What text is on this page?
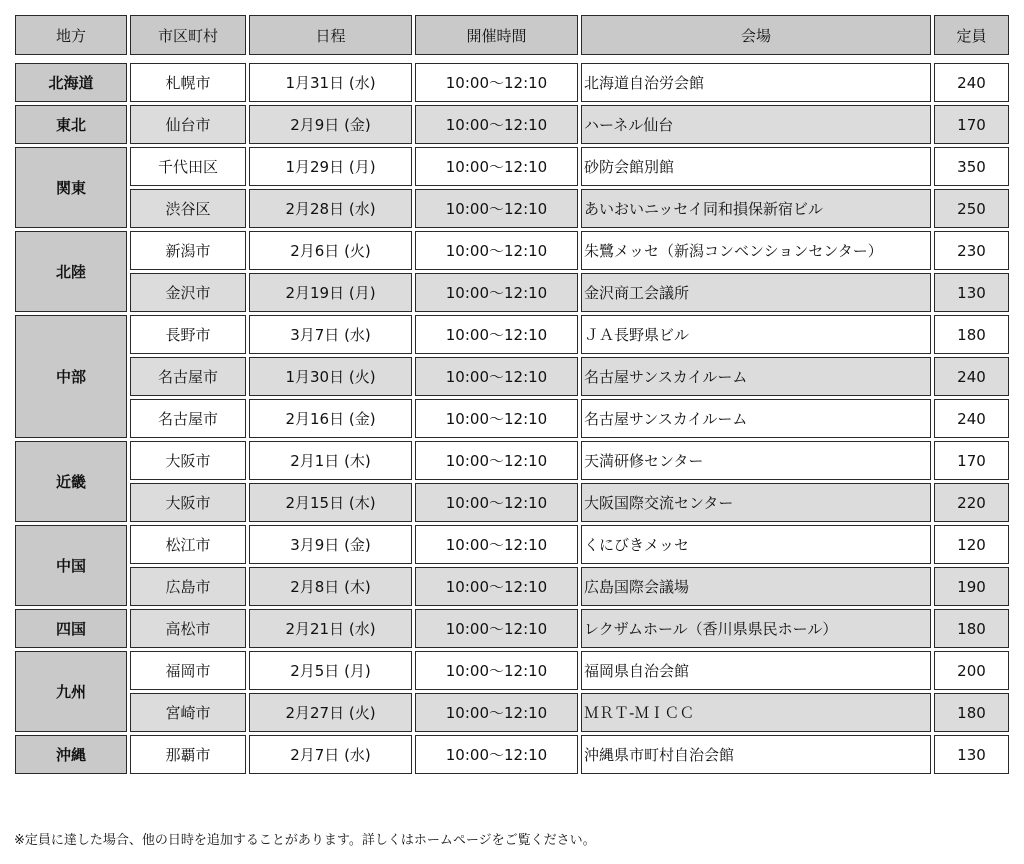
地方	市区町村	日程	開催時間	会場	定員

北海道	札幌市	1月31日 (水)	10:00～12:10	北海道自治労会館	240
東北	仙台市	2月9日 (金)	10:00～12:10	ハーネル仙台	170
関東	千代田区	1月29日 (月)	10:00～12:10	砂防会館別館	350
	渋谷区	2月28日 (水)	10:00～12:10	あいおいニッセイ同和損保新宿ビル	250
北陸	新潟市	2月6日 (火)	10:00～12:10	朱鷺メッセ（新潟コンベンションセンター）	230
	金沢市	2月19日 (月)	10:00～12:10	金沢商工会議所	130
中部	長野市	3月7日 (水)	10:00～12:10	ＪＡ長野県ビル	180
	名古屋市	1月30日 (火)	10:00～12:10	名古屋サンスカイルーム	240
	名古屋市	2月16日 (金)	10:00～12:10	名古屋サンスカイルーム	240
近畿	大阪市	2月1日 (木)	10:00～12:10	天満研修センター	170
	大阪市	2月15日 (木)	10:00～12:10	大阪国際交流センター	220
中国	松江市	3月9日 (金)	10:00～12:10	くにびきメッセ	120
	広島市	2月8日 (木)	10:00～12:10	広島国際会議場	190
四国	高松市	2月21日 (水)	10:00～12:10	レクザムホール（香川県県民ホール）	180
九州	福岡市	2月5日 (月)	10:00～12:10	福岡県自治会館	200
	宮崎市	2月27日 (火)	10:00～12:10	ＭＲＴ-ＭＩＣＣ	180
沖縄	那覇市	2月7日 (水)	10:00～12:10	沖縄県市町村自治会館	130
※定員に達した場合、他の日時を追加することがあります。詳しくはホームページをご覧ください。
